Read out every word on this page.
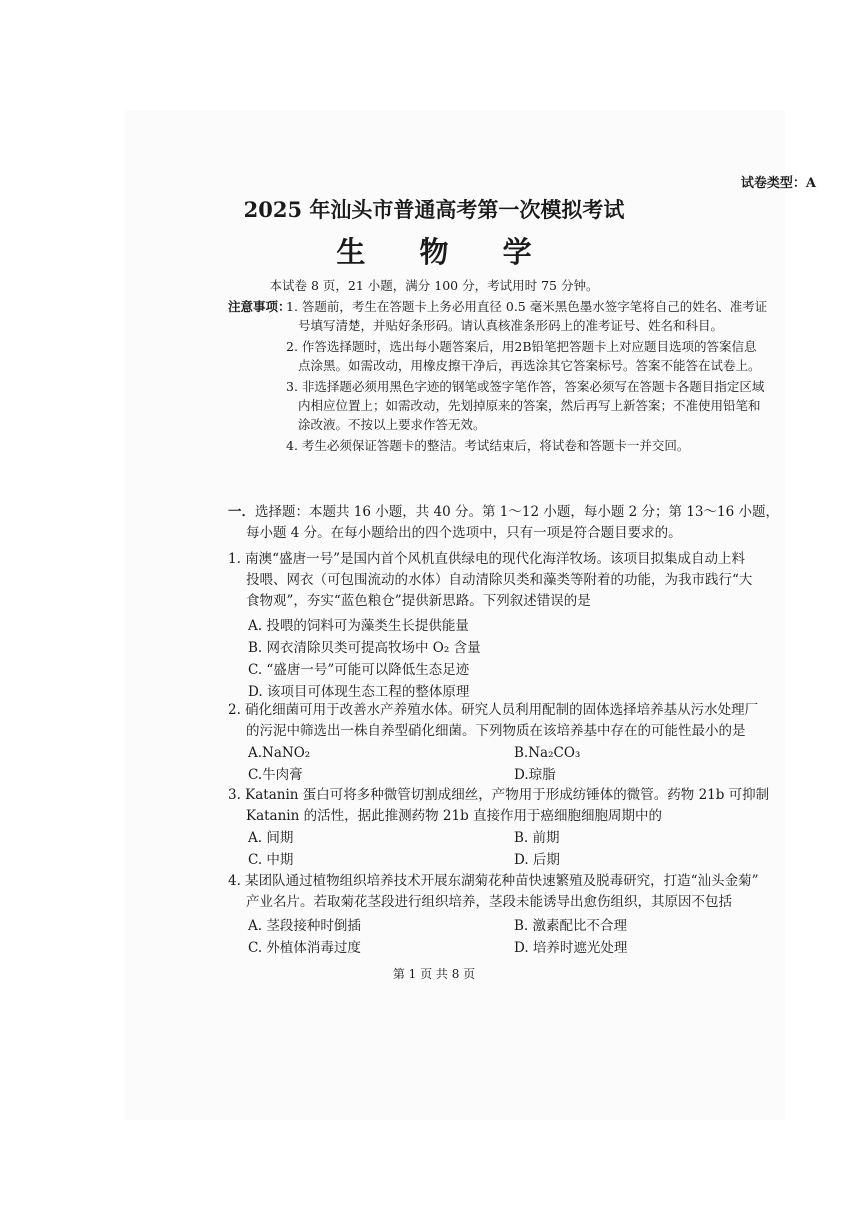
试卷类型：A
2025 年汕头市普通高考第一次模拟考试
生 物 学
本试卷 8 页，21 小题，满分 100 分，考试用时 75 分钟。
注意事项：
1. 答题前，考生在答题卡上务必用直径 0.5 毫米黑色墨水签字笔将自己的姓名、准考证号填写清楚，并贴好条形码。请认真核准条形码上的准考证号、姓名和科目。
2. 作答选择题时，选出每小题答案后，用2B铅笔把答题卡上对应题目选项的答案信息点涂黑。如需改动，用橡皮擦干净后，再选涂其它答案标号。答案不能答在试卷上。
3. 非选择题必须用黑色字迹的钢笔或签字笔作答，答案必须写在答题卡各题目指定区域内相应位置上；如需改动，先划掉原来的答案，然后再写上新答案；不准使用铅笔和涂改液。不按以上要求作答无效。
4. 考生必须保证答题卡的整洁。考试结束后，将试卷和答题卡一并交回。
一．选择题：本题共 16 小题，共 40 分。第 1～12 小题，每小题 2 分；第 13～16 小题，
每小题 4 分。在每小题给出的四个选项中，只有一项是符合题目要求的。
1. 南澳“盛唐一号”是国内首个风机直供绿电的现代化海洋牧场。该项目拟集成自动上料
投喂、网衣（可包围流动的水体）自动清除贝类和藻类等附着的功能，为我市践行“大
食物观”，夯实“蓝色粮仓”提供新思路。下列叙述错误的是
A. 投喂的饲料可为藻类生长提供能量
B. 网衣清除贝类可提高牧场中 O₂ 含量
C. “盛唐一号”可能可以降低生态足迹
D. 该项目可体现生态工程的整体原理
2. 硝化细菌可用于改善水产养殖水体。研究人员利用配制的固体选择培养基从污水处理厂
的污泥中筛选出一株自养型硝化细菌。下列物质在该培养基中存在的可能性最小的是
A.NaNO₂	B.Na₂CO₃
C.牛肉膏	D.琼脂
3. Katanin 蛋白可将多种微管切割成细丝，产物用于形成纺锤体的微管。药物 21b 可抑制
Katanin 的活性，据此推测药物 21b 直接作用于癌细胞细胞周期中的
A. 间期	B. 前期
C. 中期	D. 后期
4. 某团队通过植物组织培养技术开展东湖菊花种苗快速繁殖及脱毒研究，打造“汕头金菊”
产业名片。若取菊花茎段进行组织培养，茎段未能诱导出愈伤组织，其原因不包括
A. 茎段接种时倒插	B. 激素配比不合理
C. 外植体消毒过度	D. 培养时遮光处理
第 1 页 共 8 页
